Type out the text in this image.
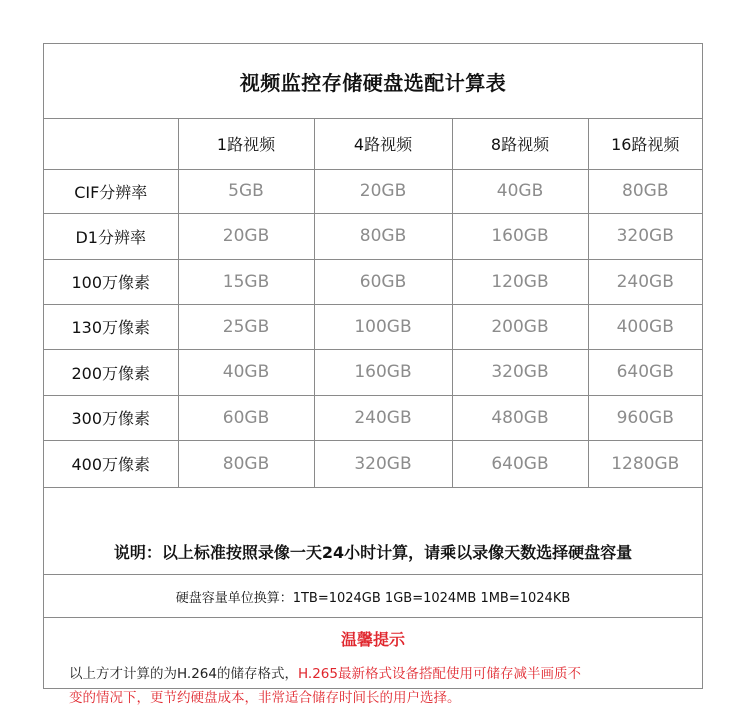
视频监控存储硬盘选配计算表
	1路视频	4路视频	8路视频	16路视频
CIF分辨率	5GB	20GB	40GB	80GB
D1分辨率	20GB	80GB	160GB	320GB
100万像素	15GB	60GB	120GB	240GB
130万像素	25GB	100GB	200GB	400GB
200万像素	40GB	160GB	320GB	640GB
300万像素	60GB	240GB	480GB	960GB
400万像素	80GB	320GB	640GB	1280GB
说明：以上标准按照录像一天24小时计算，请乘以录像天数选择硬盘容量
硬盘容量单位换算：1TB=1024GB 1GB=1024MB 1MB=1024KB
温馨提示
以上方才计算的为H.264的储存格式，H.265最新格式设备搭配使用可储存减半画质不
变的情况下，更节约硬盘成本，非常适合储存时间长的用户选择。
